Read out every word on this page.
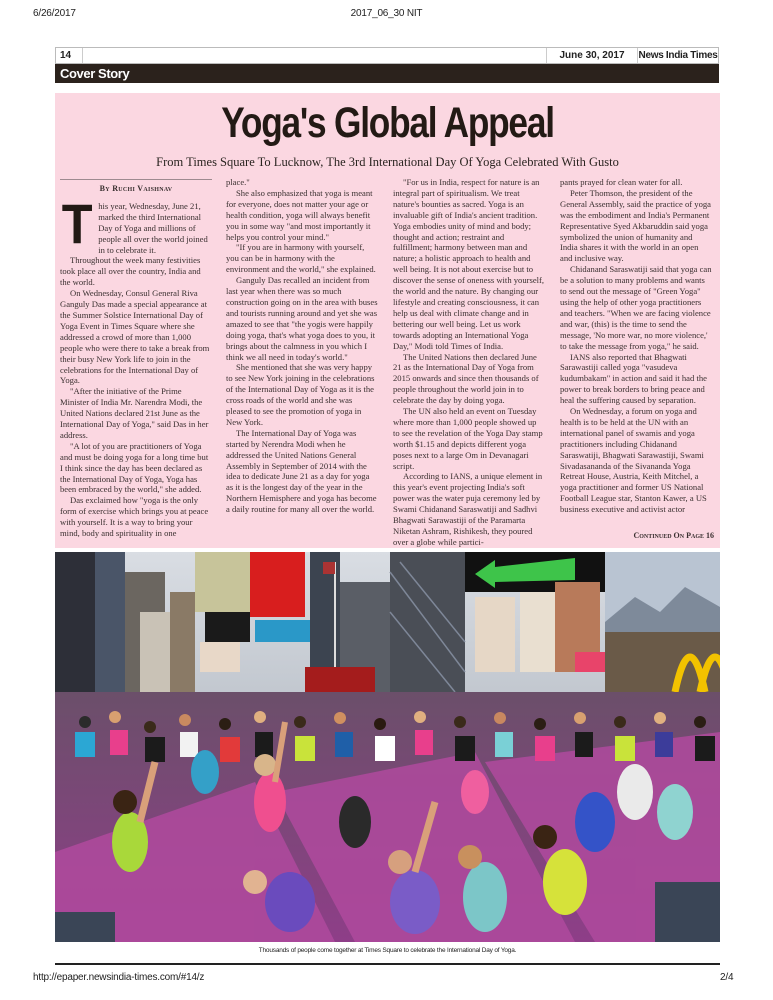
6/26/2017	2017_06_30 NIT
14	June 30, 2017	News India Times
Cover Story
Yoga's Global Appeal
From Times Square To Lucknow, The 3rd International Day Of Yoga Celebrated With Gusto
By Ruchi Vaishnav
T his year, Wednesday, June 21, marked the third International Day of Yoga and millions of people all over the world joined in to celebrate it.

Throughout the week many festivities took place all over the country, India and the world.

On Wednesday, Consul General Riva Ganguly Das made a special appearance at the Summer Solstice International Day of Yoga Event in Times Square where she addressed a crowd of more than 1,000 people who were there to take a break from their busy New York life to join in the celebrations for the International Day of Yoga.

"After the initiative of the Prime Minister of India Mr. Narendra Modi, the United Nations declared 21st June as the International Day of Yoga," said Das in her address.

"A lot of you are practitioners of Yoga and must be doing yoga for a long time but I think since the day has been declared as the International Day of Yoga, Yoga has been embraced by the world," she added.

Das exclaimed how "yoga is the only form of exercise which brings you at peace with yourself. It is a way to bring your mind, body and spirituality in one

place."

She also emphasized that yoga is meant for everyone, does not matter your age or health condition, yoga will always benefit you in some way "and most importantly it helps you control your mind."

"If you are in harmony with yourself, you can be in harmony with the environment and the world," she explained.

Ganguly Das recalled an incident from last year when there was so much construction going on in the area with buses and tourists running around and yet she was amazed to see that "the yogis were happily doing yoga, that's what yoga does to you, it brings about the calmness in you which I think we all need in today's world."

She mentioned that she was very happy to see New York joining in the celebrations of the International Day of Yoga as it is the cross roads of the world and she was pleased to see the promotion of yoga in New York.

The International Day of Yoga was started by Nerendra Modi when he addressed the United Nations General Assembly in September of 2014 with the idea to dedicate June 21 as a day for yoga as it is the longest day of the year in the Northern Hemisphere and yoga has become a daily routine for many all over the world.

"For us in India, respect for nature is an integral part of spiritualism. We treat nature's bounties as sacred. Yoga is an invaluable gift of India's ancient tradition. Yoga embodies unity of mind and body; thought and action; restraint and fulfillment; harmony between man and nature; a holistic approach to health and well being. It is not about exercise but to discover the sense of oneness with yourself, the world and the nature. By changing our lifestyle and creating consciousness, it can help us deal with climate change and in bettering our well being. Let us work towards adopting an International Yoga Day," Modi told Times of India.

The United Nations then declared June 21 as the International Day of Yoga from 2015 onwards and since then thousands of people throughout the world join in to celebrate the day by doing yoga.

The UN also held an event on Tuesday where more than 1,000 people showed up to see the revelation of the Yoga Day stamp worth $1.15 and depicts different yoga poses next to a large Om in Devanagari script.

According to IANS, a unique element in this year's event projecting India's soft power was the water puja ceremony led by Swami Chidanand Saraswatiji and Sadhvi Bhagwati Sarawastiji of the Paramarta Niketan Ashram, Rishikesh, they poured over a globe while partici-

pants prayed for clean water for all.

Peter Thomson, the president of the General Assembly, said the practice of yoga was the embodiment and India's Permanent Representative Syed Akbaruddin said yoga symbolized the union of humanity and India shares it with the world in an open and inclusive way.

Chidanand Saraswatiji said that yoga can be a solution to many problems and wants to send out the message of "Green Yoga" using the help of other yoga practitioners and teachers. "When we are facing violence and war, (this) is the time to send the message, 'No more war, no more violence,' to take the message from yoga," he said.

IANS also reported that Bhagwati Sarawastiji called yoga "vasudeva kudumbakam" in action and said it had the power to break borders to bring peace and heal the suffering caused by separation.

On Wednesday, a forum on yoga and health is to be held at the UN with an international panel of swamis and yoga practitioners including Chidanand Saraswatiji, Bhagwati Sarawastiji, Swami Sivadasananda of the Sivananda Yoga Retreat House, Austria, Keith Mitchel, a yoga practitioner and former US National Football League star, Stanton Kawer, a US business executive and activist actor

Continued On Page 16
Thousands of people come together at Times Square to celebrate the International Day of Yoga.
http://epaper.newsindia-times.com/#14/z	2/4
